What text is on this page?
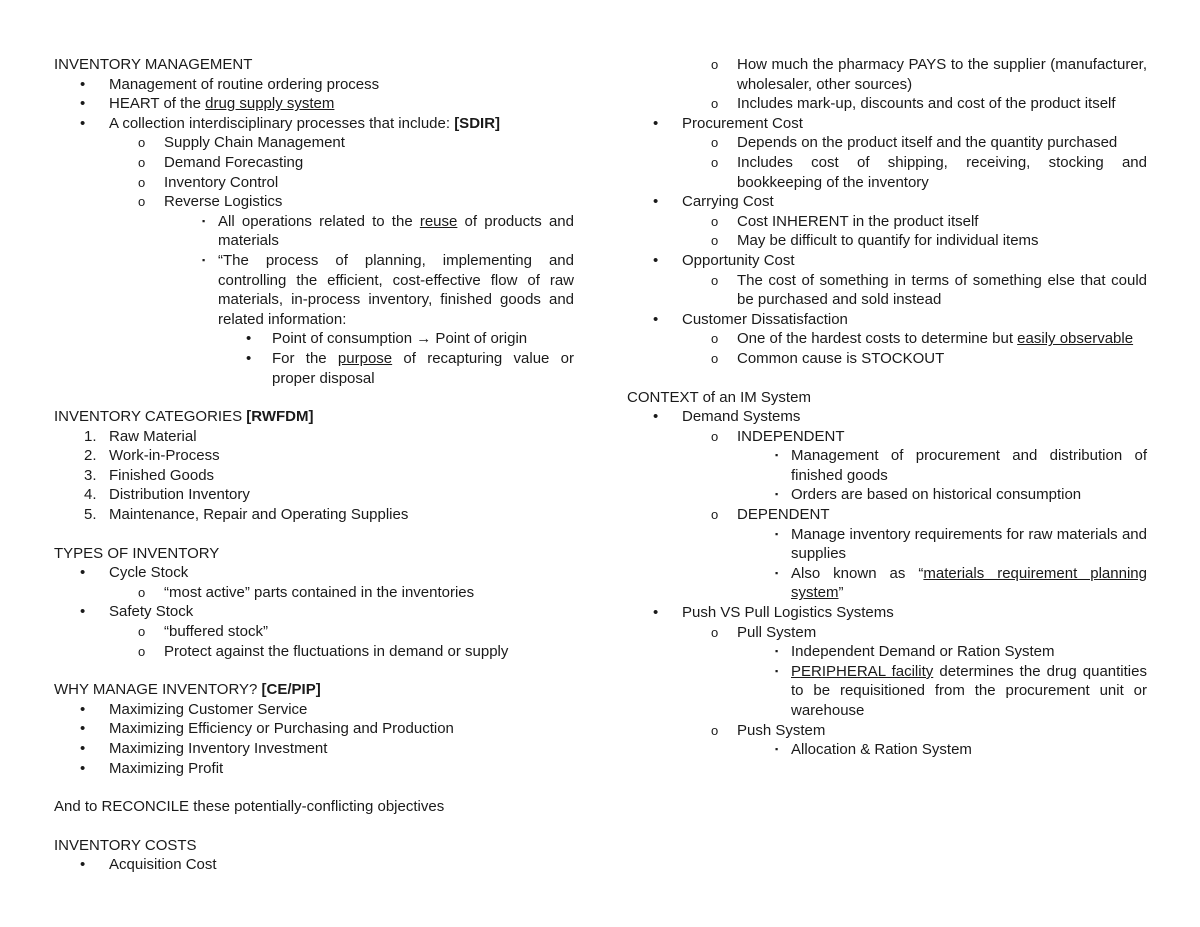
INVENTORY MANAGEMENT
• Management of routine ordering process
• HEART of the drug supply system
• A collection interdisciplinary processes that include: [SDIR]
o Supply Chain Management
o Demand Forecasting
o Inventory Control
o Reverse Logistics
▪ All operations related to the reuse of products and materials
▪ “The process of planning, implementing and controlling the efficient, cost-effective flow of raw materials, in-process inventory, finished goods and related information:
• Point of consumption → Point of origin
• For the purpose of recapturing value or proper disposal
INVENTORY CATEGORIES [RWFDM]
1. Raw Material
2. Work-in-Process
3. Finished Goods
4. Distribution Inventory
5. Maintenance, Repair and Operating Supplies
TYPES OF INVENTORY
• Cycle Stock
o “most active” parts contained in the inventories
• Safety Stock
o “buffered stock”
o Protect against the fluctuations in demand or supply
WHY MANAGE INVENTORY? [CE/PIP]
• Maximizing Customer Service
• Maximizing Efficiency or Purchasing and Production
• Maximizing Inventory Investment
• Maximizing Profit
And to RECONCILE these potentially-conflicting objectives
INVENTORY COSTS
• Acquisition Cost
o How much the pharmacy PAYS to the supplier (manufacturer, wholesaler, other sources)
o Includes mark-up, discounts and cost of the product itself
• Procurement Cost
o Depends on the product itself and the quantity purchased
o Includes cost of shipping, receiving, stocking and bookkeeping of the inventory
• Carrying Cost
o Cost INHERENT in the product itself
o May be difficult to quantify for individual items
• Opportunity Cost
o The cost of something in terms of something else that could be purchased and sold instead
• Customer Dissatisfaction
o One of the hardest costs to determine but easily observable
o Common cause is STOCKOUT
CONTEXT of an IM System
• Demand Systems
o INDEPENDENT
▪ Management of procurement and distribution of finished goods
▪ Orders are based on historical consumption
o DEPENDENT
▪ Manage inventory requirements for raw materials and supplies
▪ Also known as “materials requirement planning system”
• Push VS Pull Logistics Systems
o Pull System
▪ Independent Demand or Ration System
▪ PERIPHERAL facility determines the drug quantities to be requisitioned from the procurement unit or warehouse
o Push System
▪ Allocation & Ration System
